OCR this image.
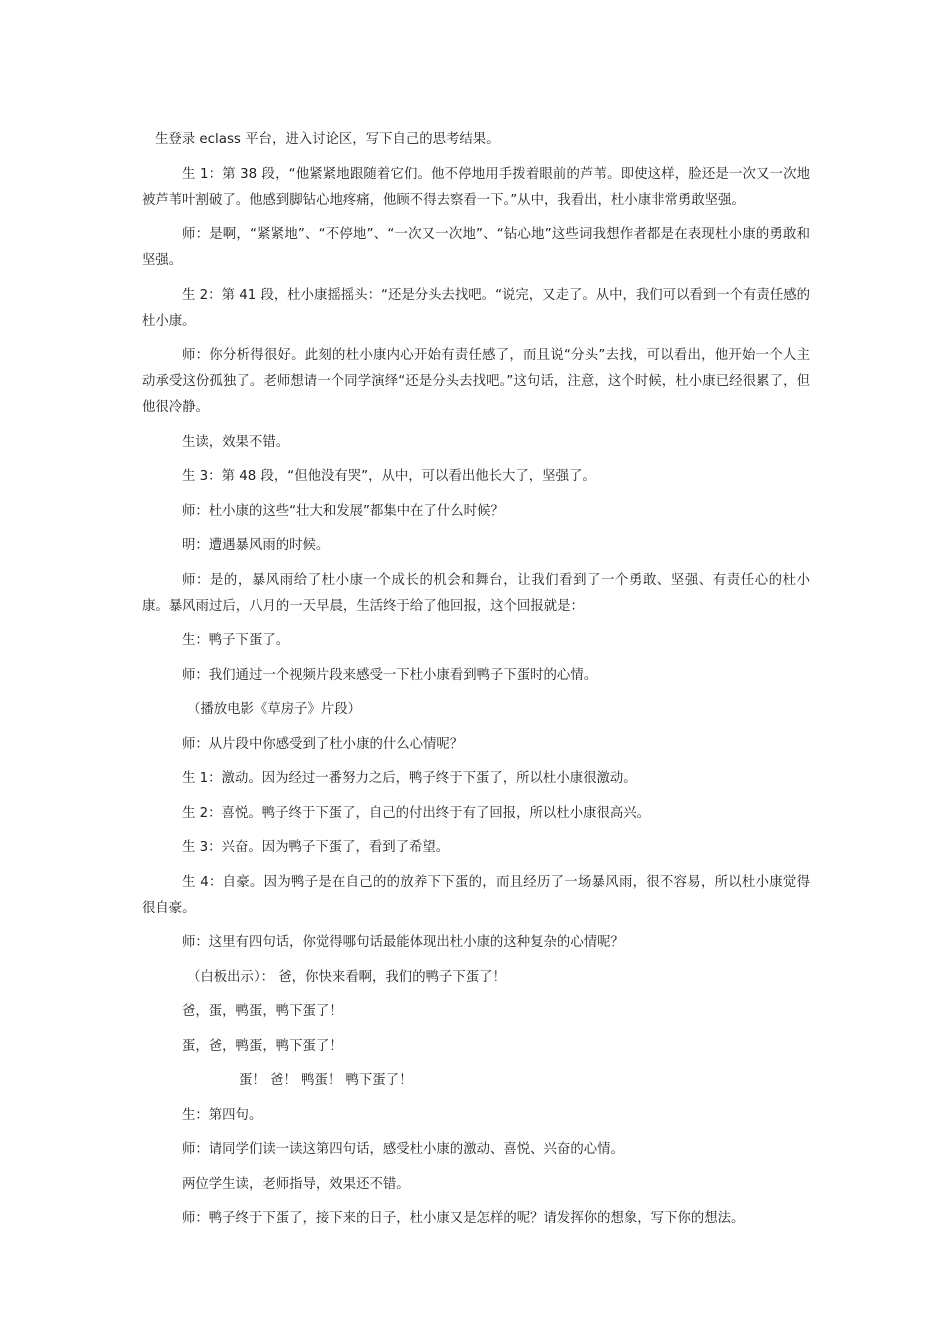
生登录 eclass 平台，进入讨论区，写下自己的思考结果。

生 1：第 38 段，“他紧紧地跟随着它们。他不停地用手拨着眼前的芦苇。即使这样，脸还是一次又一次地被芦苇叶割破了。他感到脚钻心地疼痛，他顾不得去察看一下。”从中，我看出，杜小康非常勇敢坚强。

师：是啊，“紧紧地”、“不停地”、“一次又一次地”、“钻心地”这些词我想作者都是在表现杜小康的勇敢和坚强。

生 2：第 41 段，杜小康摇摇头：“还是分头去找吧。“说完，又走了。从中，我们可以看到一个有责任感的杜小康。

师：你分析得很好。此刻的杜小康内心开始有责任感了，而且说“分头”去找，可以看出，他开始一个人主动承受这份孤独了。老师想请一个同学演绎“还是分头去找吧。”这句话，注意，这个时候，杜小康已经很累了，但他很冷静。

生读，效果不错。

生 3：第 48 段，“但他没有哭”，从中，可以看出他长大了，坚强了。

师：杜小康的这些“壮大和发展”都集中在了什么时候？

明：遭遇暴风雨的时候。

师：是的，暴风雨给了杜小康一个成长的机会和舞台，让我们看到了一个勇敢、坚强、有责任心的杜小康。暴风雨过后，八月的一天早晨，生活终于给了他回报，这个回报就是：

生：鸭子下蛋了。

师：我们通过一个视频片段来感受一下杜小康看到鸭子下蛋时的心情。

（播放电影《草房子》片段）

师：从片段中你感受到了杜小康的什么心情呢？

生 1：激动。因为经过一番努力之后，鸭子终于下蛋了，所以杜小康很激动。

生 2：喜悦。鸭子终于下蛋了，自己的付出终于有了回报，所以杜小康很高兴。

生 3：兴奋。因为鸭子下蛋了，看到了希望。

生 4：自豪。因为鸭子是在自己的的放养下下蛋的，而且经历了一场暴风雨，很不容易，所以杜小康觉得很自豪。

师：这里有四句话，你觉得哪句话最能体现出杜小康的这种复杂的心情呢？

（白板出示）： 爸，你快来看啊，我们的鸭子下蛋了！

爸，蛋，鸭蛋，鸭下蛋了！

蛋，爸，鸭蛋，鸭下蛋了！

蛋！ 爸！ 鸭蛋！ 鸭下蛋了！

生：第四句。

师：请同学们读一读这第四句话，感受杜小康的激动、喜悦、兴奋的心情。

两位学生读，老师指导，效果还不错。

师：鸭子终于下蛋了，接下来的日子，杜小康又是怎样的呢？请发挥你的想象，写下你的想法。
